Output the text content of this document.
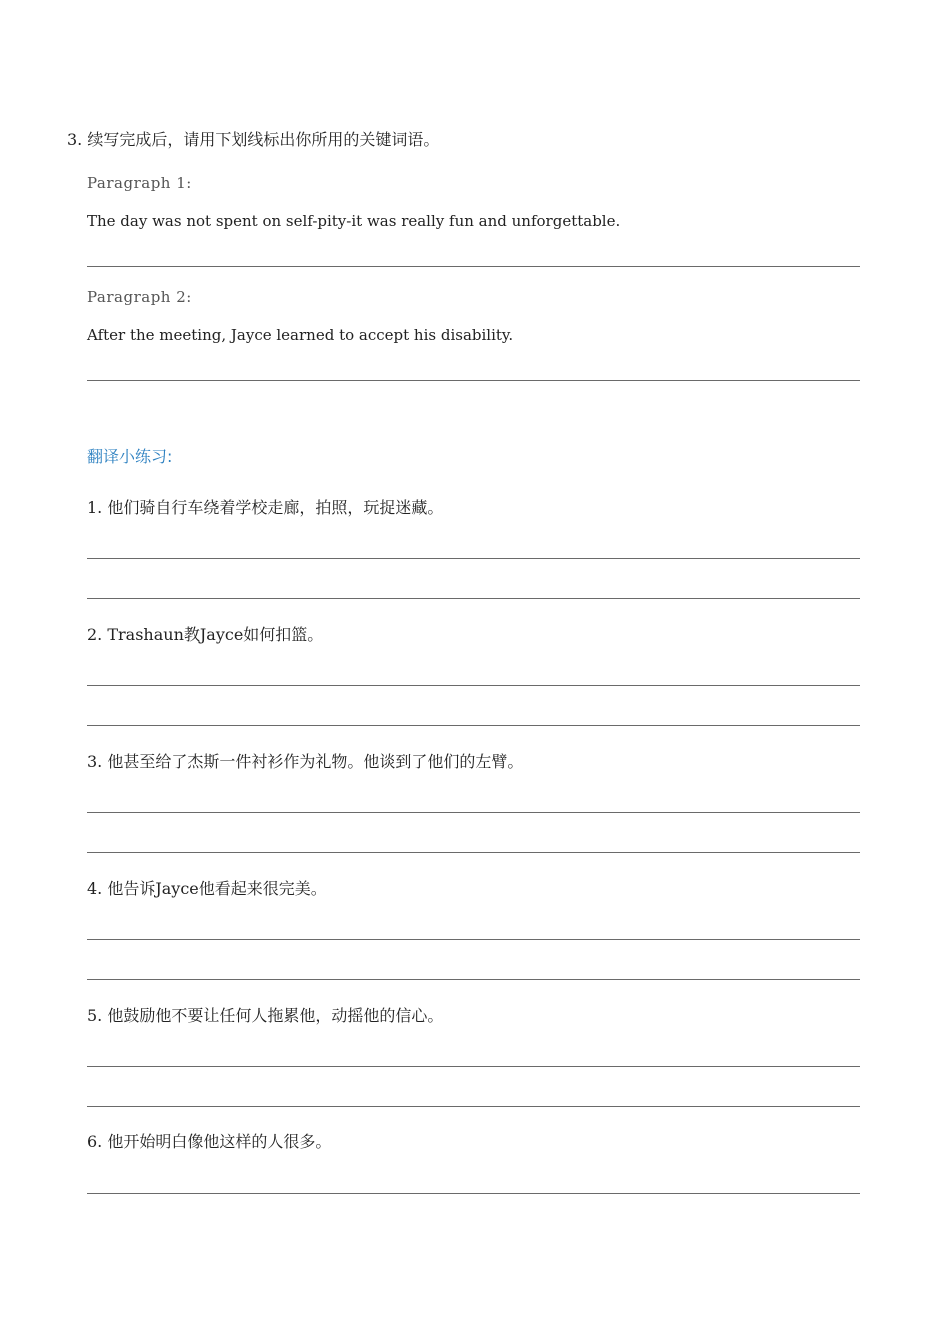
3. 续写完成后，请用下划线标出你所用的关键词语。
Paragraph 1:
The day was not spent on self-pity-it was really fun and unforgettable.
Paragraph 2:
After the meeting, Jayce learned to accept his disability.
翻译小练习:
1. 他们骑自行车绕着学校走廊，拍照，玩捉迷藏。
2. Trashaun教Jayce如何扣篮。
3. 他甚至给了杰斯一件衬衫作为礼物。他谈到了他们的左臂。
4. 他告诉Jayce他看起来很完美。
5. 他鼓励他不要让任何人拖累他，动摇他的信心。
6. 他开始明白像他这样的人很多。
